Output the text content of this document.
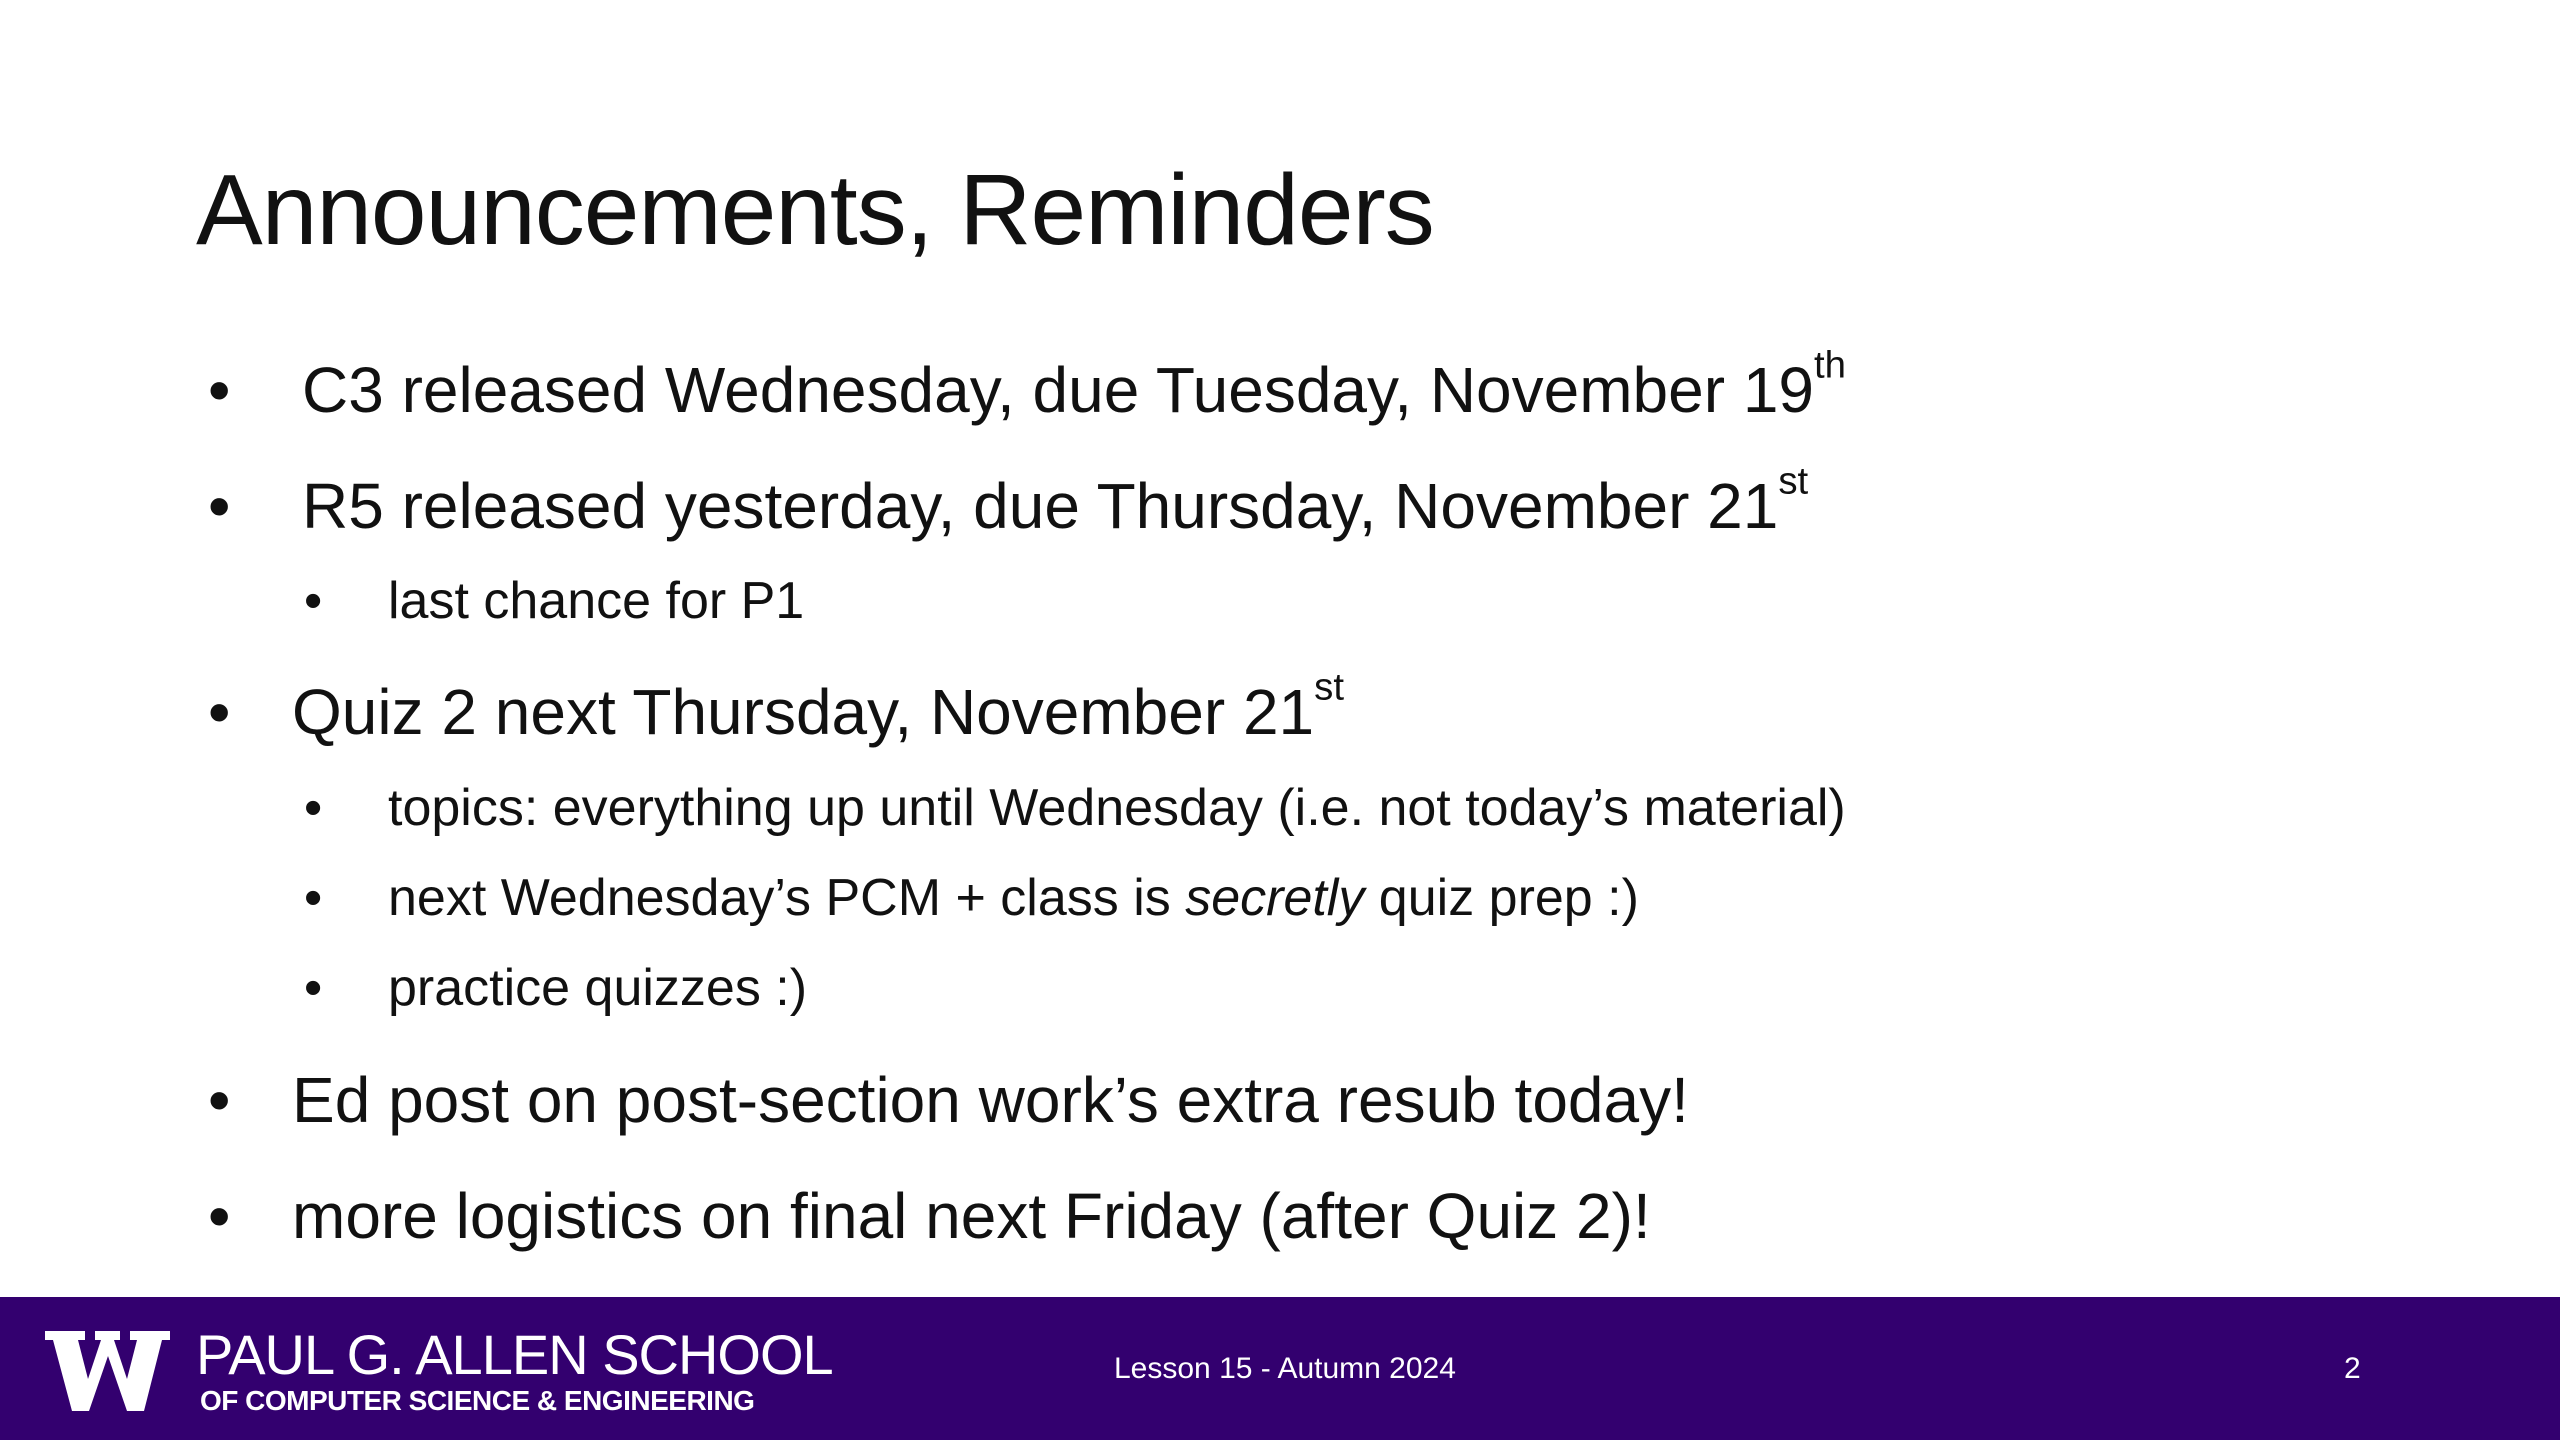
Announcements, Reminders
• C3 released Wednesday, due Tuesday, November 19th
• R5 released yesterday, due Thursday, November 21st
• last chance for P1
• Quiz 2 next Thursday, November 21st
• topics: everything up until Wednesday (i.e. not today’s material)
• next Wednesday’s PCM + class is secretly quiz prep :)
• practice quizzes :)
• Ed post on post-section work’s extra resub today!
• more logistics on final next Friday (after Quiz 2)!
PAUL G. ALLEN SCHOOL
OF COMPUTER SCIENCE & ENGINEERING
Lesson 15 - Autumn 2024	2
